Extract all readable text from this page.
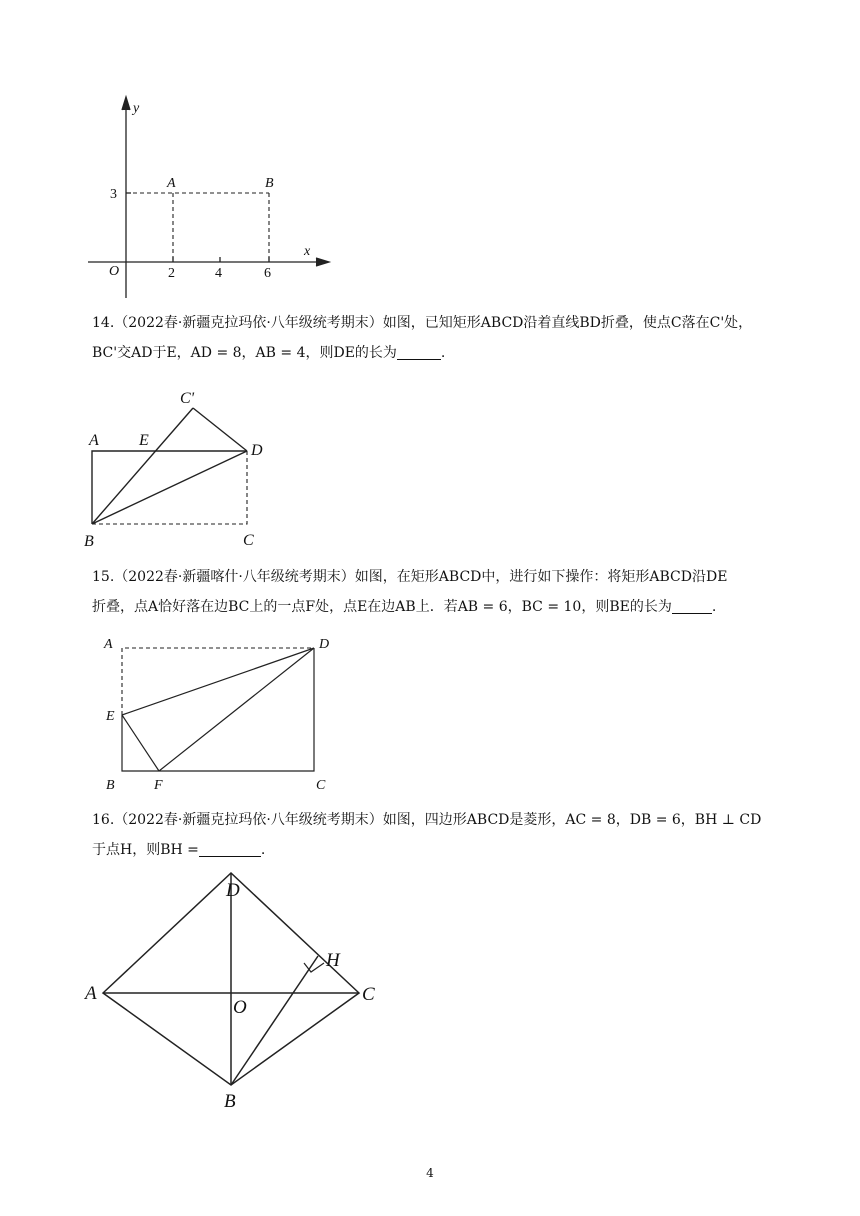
y
x
O
A	B
3
2	4	6
A	E
C'
D
B	C
A	D
E
B	F	C
D
H
A
O
C
B
14.（2022春·新疆克拉玛依·八年级统考期末）如图，已知矩形ABCD沿着直线BD折叠，使点C落在C'处，
BC'交AD于E，AD = 8，AB = 4，则DE的长为	.
15.（2022春·新疆喀什·八年级统考期末）如图，在矩形ABCD中，进行如下操作：将矩形ABCD沿DE
折叠，点A恰好落在边BC上的一点F处，点E在边AB上．若AB = 6，BC = 10，则BE的长为	.
16.（2022春·新疆克拉玛依·八年级统考期末）如图，四边形ABCD是菱形，AC = 8，DB = 6，BH ⊥ CD
于点H，则BH =	.
4
